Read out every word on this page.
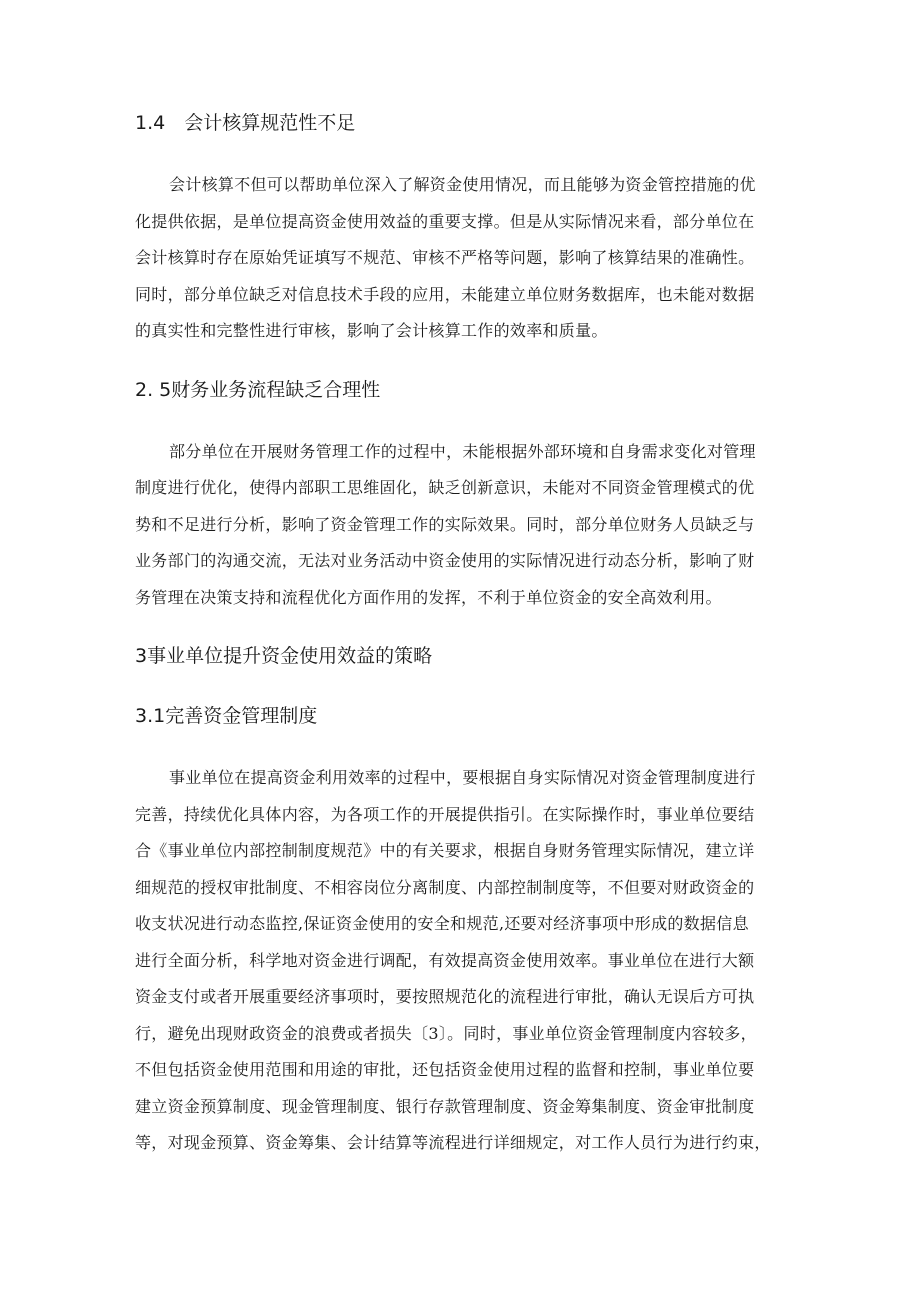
1.4　会计核算规范性不足
会计核算不但可以帮助单位深入了解资金使用情况，而且能够为资金管控措施的优
化提供依据，是单位提高资金使用效益的重要支撑。但是从实际情况来看，部分单位在
会计核算时存在原始凭证填写不规范、审核不严格等问题，影响了核算结果的准确性。
同时，部分单位缺乏对信息技术手段的应用，未能建立单位财务数据库，也未能对数据
的真实性和完整性进行审核，影响了会计核算工作的效率和质量。
2. 5财务业务流程缺乏合理性
部分单位在开展财务管理工作的过程中，未能根据外部环境和自身需求变化对管理
制度进行优化，使得内部职工思维固化，缺乏创新意识，未能对不同资金管理模式的优
势和不足进行分析，影响了资金管理工作的实际效果。同时，部分单位财务人员缺乏与
业务部门的沟通交流，无法对业务活动中资金使用的实际情况进行动态分析，影响了财
务管理在决策支持和流程优化方面作用的发挥，不利于单位资金的安全高效利用。
3事业单位提升资金使用效益的策略
3.1完善资金管理制度
事业单位在提高资金利用效率的过程中，要根据自身实际情况对资金管理制度进行
完善，持续优化具体内容，为各项工作的开展提供指引。在实际操作时，事业单位要结
合《事业单位内部控制制度规范》中的有关要求，根据自身财务管理实际情况，建立详
细规范的授权审批制度、不相容岗位分离制度、内部控制制度等，不但要对财政资金的
收支状况进行动态监控,保证资金使用的安全和规范,还要对经济事项中形成的数据信息
进行全面分析，科学地对资金进行调配，有效提高资金使用效率。事业单位在进行大额
资金支付或者开展重要经济事项时，要按照规范化的流程进行审批，确认无误后方可执
行，避免出现财政资金的浪费或者损失〔3〕。同时，事业单位资金管理制度内容较多，
不但包括资金使用范围和用途的审批，还包括资金使用过程的监督和控制，事业单位要
建立资金预算制度、现金管理制度、银行存款管理制度、资金筹集制度、资金审批制度
等，对现金预算、资金筹集、会计结算等流程进行详细规定，对工作人员行为进行约束，
